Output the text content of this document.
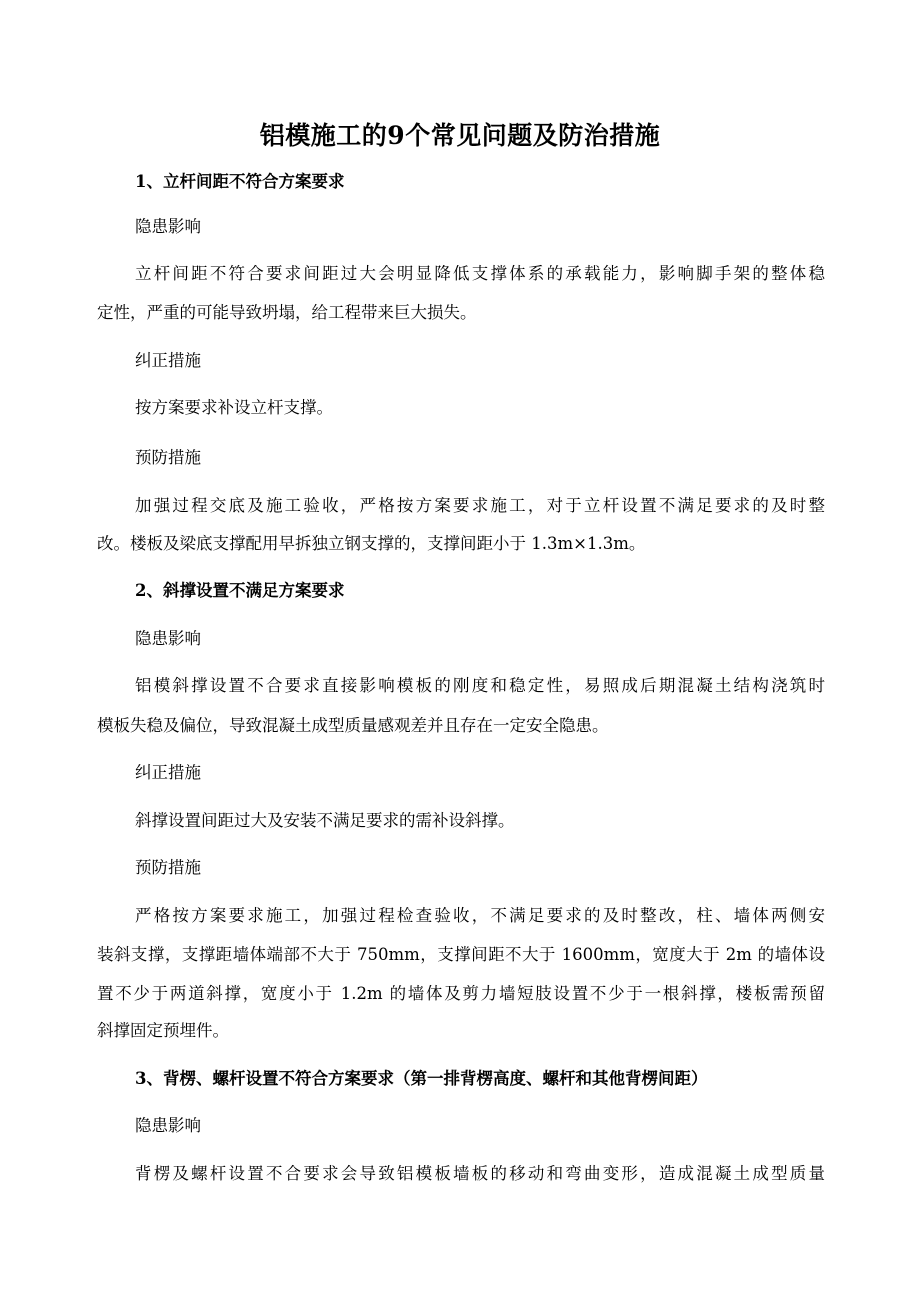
铝模施工的9个常见问题及防治措施

1、立杆间距不符合方案要求

隐患影响

立杆间距不符合要求间距过大会明显降低支撑体系的承载能力，影响脚手架的整体稳

定性，严重的可能导致坍塌，给工程带来巨大损失。

纠正措施

按方案要求补设立杆支撑。

预防措施

加强过程交底及施工验收，严格按方案要求施工，对于立杆设置不满足要求的及时整

改。楼板及梁底支撑配用早拆独立钢支撑的，支撑间距小于 1.3m×1.3m。

2、斜撑设置不满足方案要求

隐患影响

铝模斜撑设置不合要求直接影响模板的刚度和稳定性，易照成后期混凝土结构浇筑时

模板失稳及偏位，导致混凝土成型质量感观差并且存在一定安全隐患。

纠正措施

斜撑设置间距过大及安装不满足要求的需补设斜撑。

预防措施

严格按方案要求施工，加强过程检查验收，不满足要求的及时整改，柱、墙体两侧安

装斜支撑，支撑距墙体端部不大于 750mm，支撑间距不大于 1600mm，宽度大于 2m 的墙体设

置不少于两道斜撑，宽度小于 1.2m 的墙体及剪力墙短肢设置不少于一根斜撑，楼板需预留

斜撑固定预埋件。

3、背楞、螺杆设置不符合方案要求（第一排背楞高度、螺杆和其他背楞间距）

隐患影响

背楞及螺杆设置不合要求会导致铝模板墙板的移动和弯曲变形，造成混凝土成型质量
